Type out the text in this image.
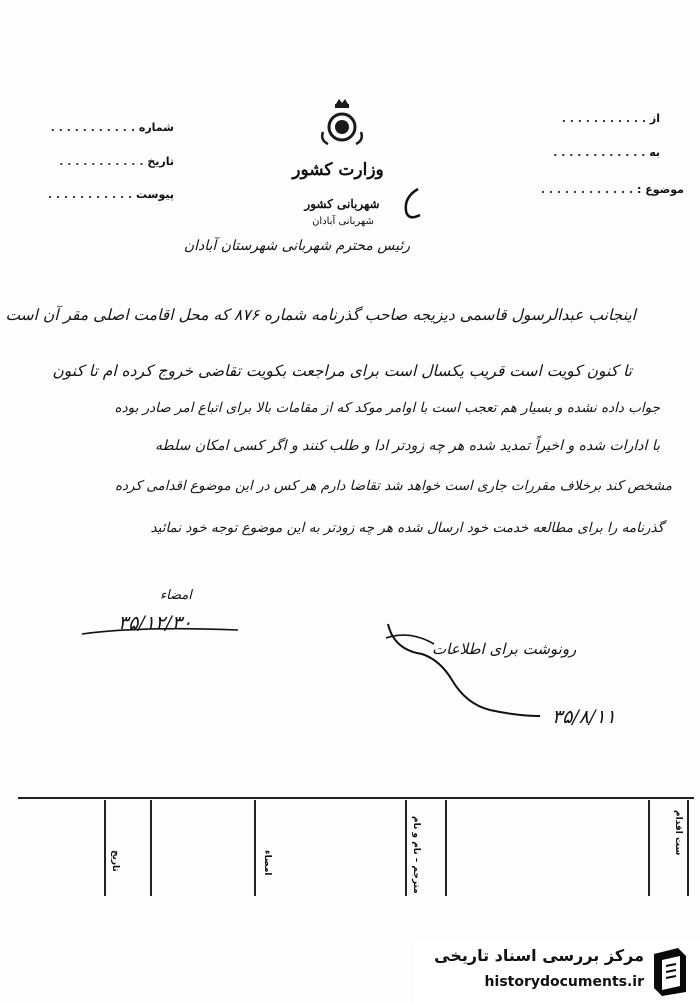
از . . . . . . . . . . .
به . . . . . . . . . . . .
موضوع : . . . . . . . . . . . .
شماره . . . . . . . . . . .
تاریخ . . . . . . . . . . .
پیوست . . . . . . . . . . .
وزارت کشور
شهربانی کشور
شهربانی آبادان
رئیس محترم شهربانی شهرستان آبادان
اینجانب عبدالرسول قاسمی دیزیجه صاحب گذرنامه شماره ۸۷۶ که محل اقامت اصلی مقر آن است
تا کنون کویت است قریب یکسال است برای مراجعت بکویت تقاضی خروج کرده ام تا کنون
جواب داده نشده و بسیار هم تعجب است با اوامر موکد که از مقامات بالا برای اتباع امر صادر بوده
با ادارات شده و اخیراً تمدید شده هر چه زودتر ادا و طلب کنند و اگر کسی امکان سلطه
مشخص کند برخلاف مقررات جاری است خواهد شد تقاضا دارم هر کس در این موضوع اقدامی کرده
گذرنامه را برای مطالعه خدمت خود ارسال شده هر چه زودتر به این موضوع توجه خود نمائید
امضاء
۳۵/۱۲/۳۰
رونوشت برای اطلاعات
۳۵/۸/۱۱
تاریخ	امضاء	مترجم – نام و نام	ست اقدام
مرکز بررسی اسناد تاریخی
historydocuments.ir
